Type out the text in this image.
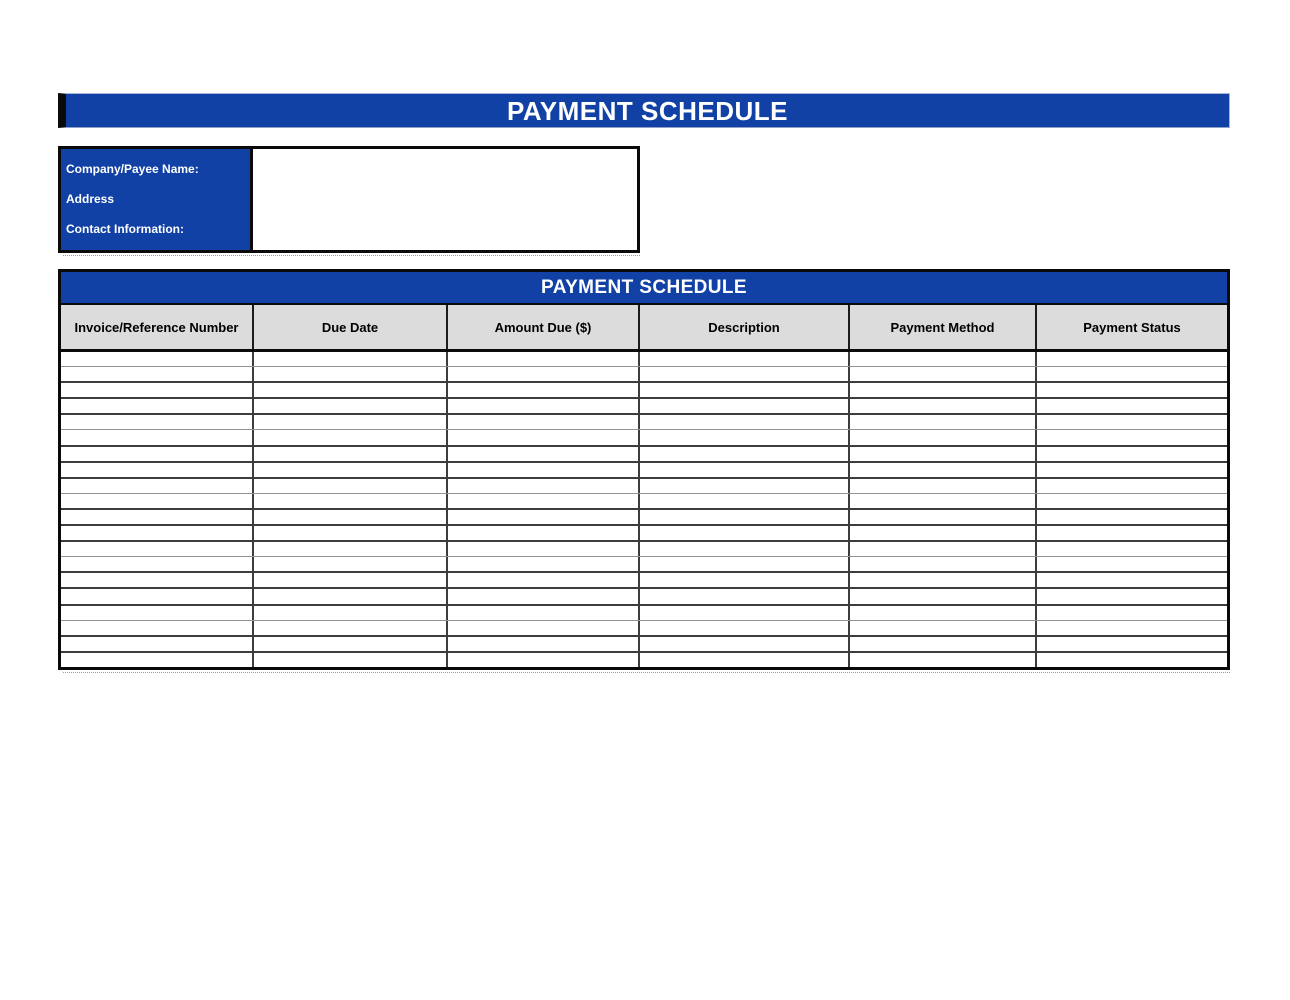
PAYMENT SCHEDULE
Company/Payee Name:
Address
Contact Information:
PAYMENT SCHEDULE
Invoice/Reference Number	Due Date	Amount Due ($)	Description	Payment Method	Payment Status
